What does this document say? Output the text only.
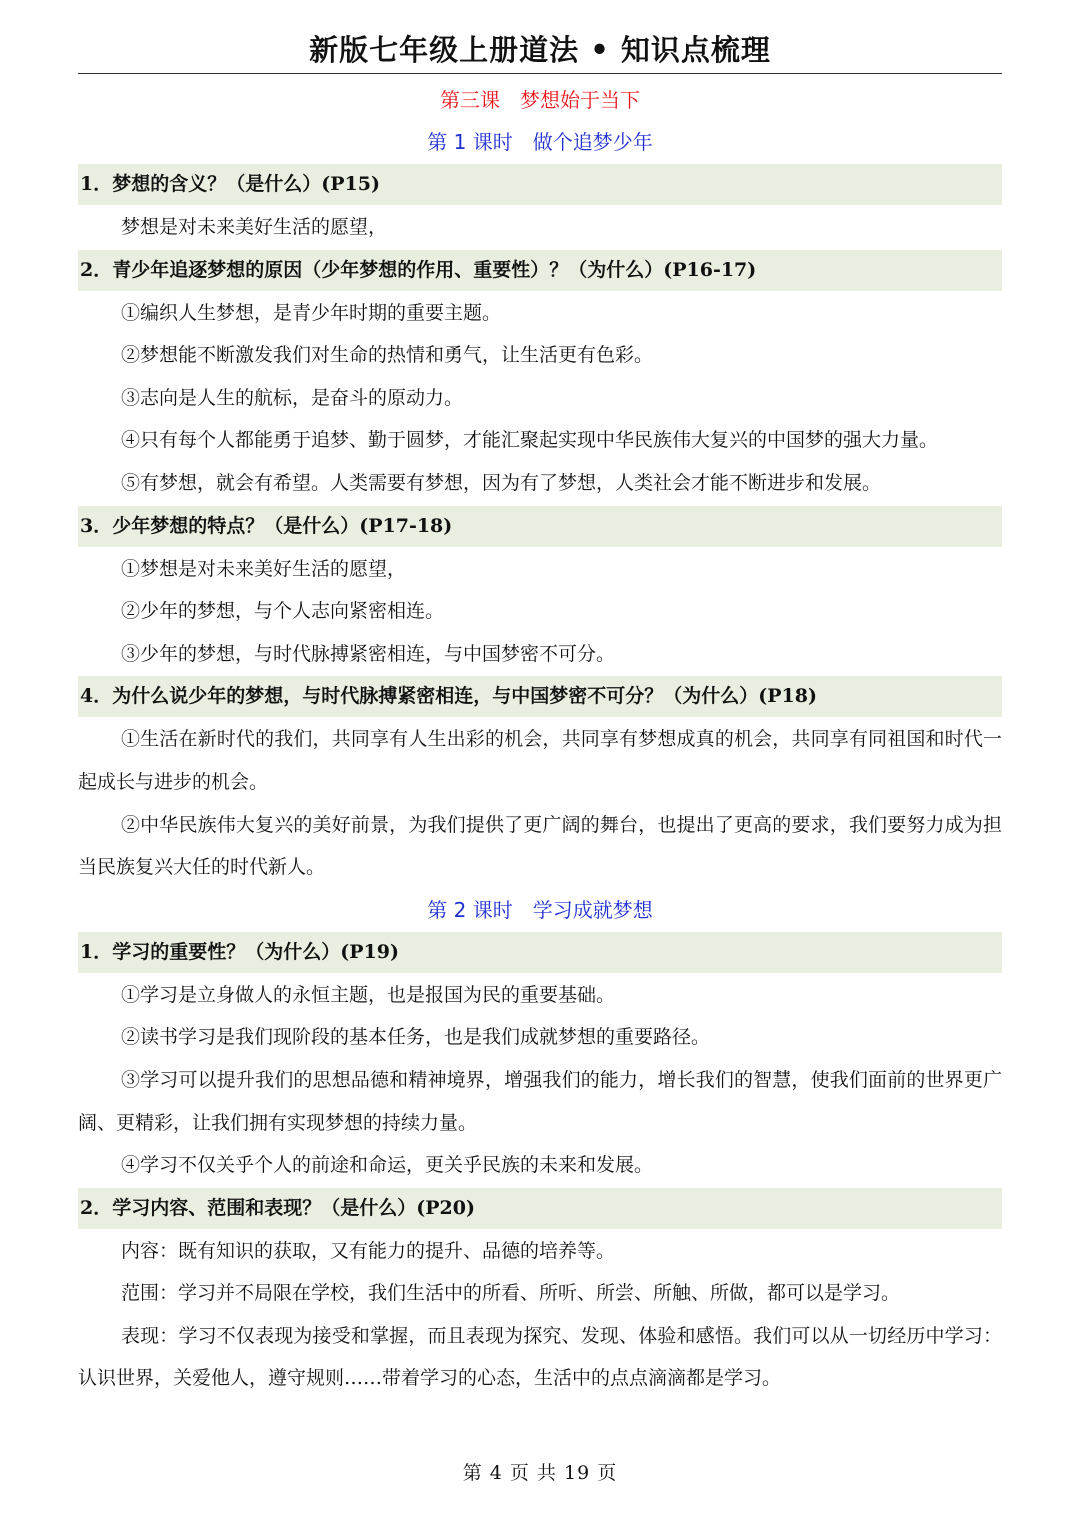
新版七年级上册道法 • 知识点梳理
第三课　梦想始于当下
第 1 课时　做个追梦少年
1．梦想的含义？（是什么）(P15)
梦想是对未来美好生活的愿望，
2．青少年追逐梦想的原因（少年梦想的作用、重要性）？（为什么）(P16-17)
①编织人生梦想，是青少年时期的重要主题。
②梦想能不断激发我们对生命的热情和勇气，让生活更有色彩。
③志向是人生的航标，是奋斗的原动力。
④只有每个人都能勇于追梦、勤于圆梦，才能汇聚起实现中华民族伟大复兴的中国梦的强大力量。
⑤有梦想，就会有希望。人类需要有梦想，因为有了梦想，人类社会才能不断进步和发展。
3．少年梦想的特点？（是什么）(P17-18)
①梦想是对未来美好生活的愿望，
②少年的梦想，与个人志向紧密相连。
③少年的梦想，与时代脉搏紧密相连，与中国梦密不可分。
4．为什么说少年的梦想，与时代脉搏紧密相连，与中国梦密不可分？（为什么）(P18)
①生活在新时代的我们，共同享有人生出彩的机会，共同享有梦想成真的机会，共同享有同祖国和时代一起成长与进步的机会。
②中华民族伟大复兴的美好前景，为我们提供了更广阔的舞台，也提出了更高的要求，我们要努力成为担当民族复兴大任的时代新人。
第 2 课时　学习成就梦想
1．学习的重要性？（为什么）(P19)
①学习是立身做人的永恒主题，也是报国为民的重要基础。
②读书学习是我们现阶段的基本任务，也是我们成就梦想的重要路径。
③学习可以提升我们的思想品德和精神境界，增强我们的能力，增长我们的智慧，使我们面前的世界更广阔、更精彩，让我们拥有实现梦想的持续力量。
④学习不仅关乎个人的前途和命运，更关乎民族的未来和发展。
2．学习内容、范围和表现？（是什么）(P20)
内容：既有知识的获取，又有能力的提升、品德的培养等。
范围：学习并不局限在学校，我们生活中的所看、所听、所尝、所触、所做，都可以是学习。
表现：学习不仅表现为接受和掌握，而且表现为探究、发现、体验和感悟。我们可以从一切经历中学习：认识世界，关爱他人，遵守规则……带着学习的心态，生活中的点点滴滴都是学习。
第 4 页 共 19 页
